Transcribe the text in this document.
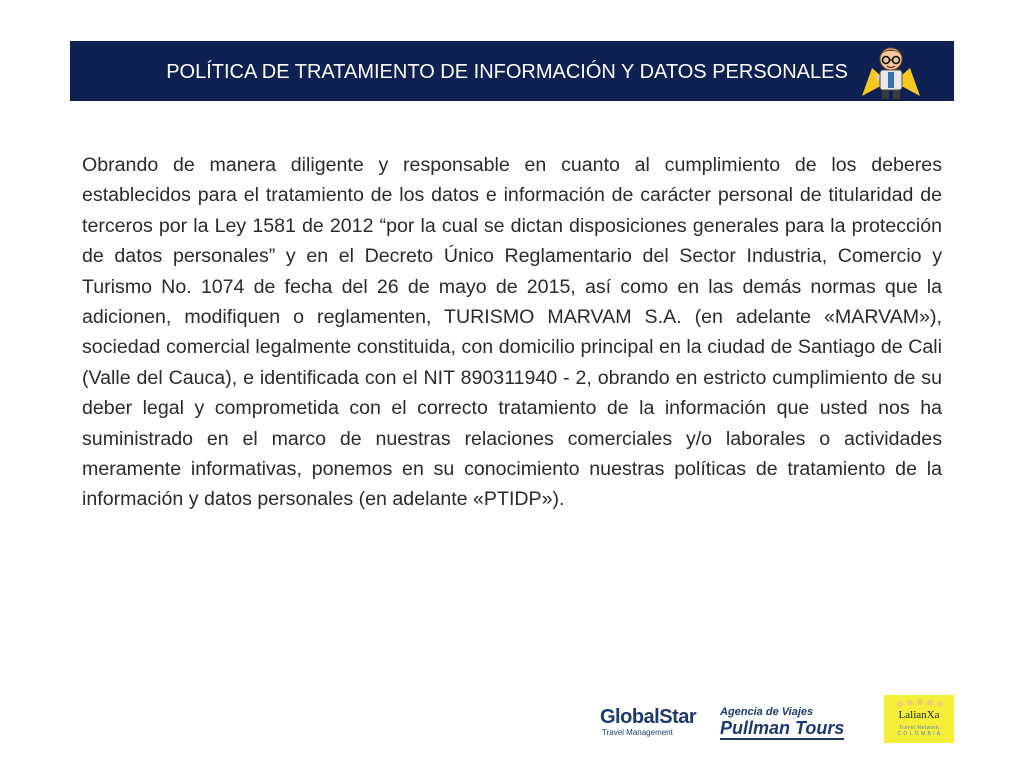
POLÍTICA DE TRATAMIENTO DE INFORMACIÓN Y DATOS PERSONALES

Obrando de manera diligente y responsable en cuanto al cumplimiento de los deberes establecidos para el tratamiento de los datos e información de carácter personal de titularidad de terceros por la Ley 1581 de 2012 “por la cual se dictan disposiciones generales para la protección de datos personales” y en el Decreto Único Reglamentario del Sector Industria, Comercio y Turismo No. 1074 de fecha del 26 de mayo de 2015, así como en las demás normas que la adicionen, modifiquen o reglamenten, TURISMO MARVAM S.A. (en adelante «MARVAM»), sociedad comercial legalmente constituida, con domicilio principal en la ciudad de Santiago de Cali (Valle del Cauca), e identificada con el NIT 890311940 - 2, obrando en estricto cumplimiento de su deber legal y comprometida con el correcto tratamiento de la información que usted nos ha suministrado en el marco de nuestras relaciones comerciales y/o laborales o actividades meramente informativas, ponemos en su conocimiento nuestras políticas de tratamiento de la información y datos personales (en adelante «PTIDP»).

GlobalStar
Travel Management
Agencia de Viajes
Pullman Tours
LalianXa
Travel Network
C O L O M B I A
